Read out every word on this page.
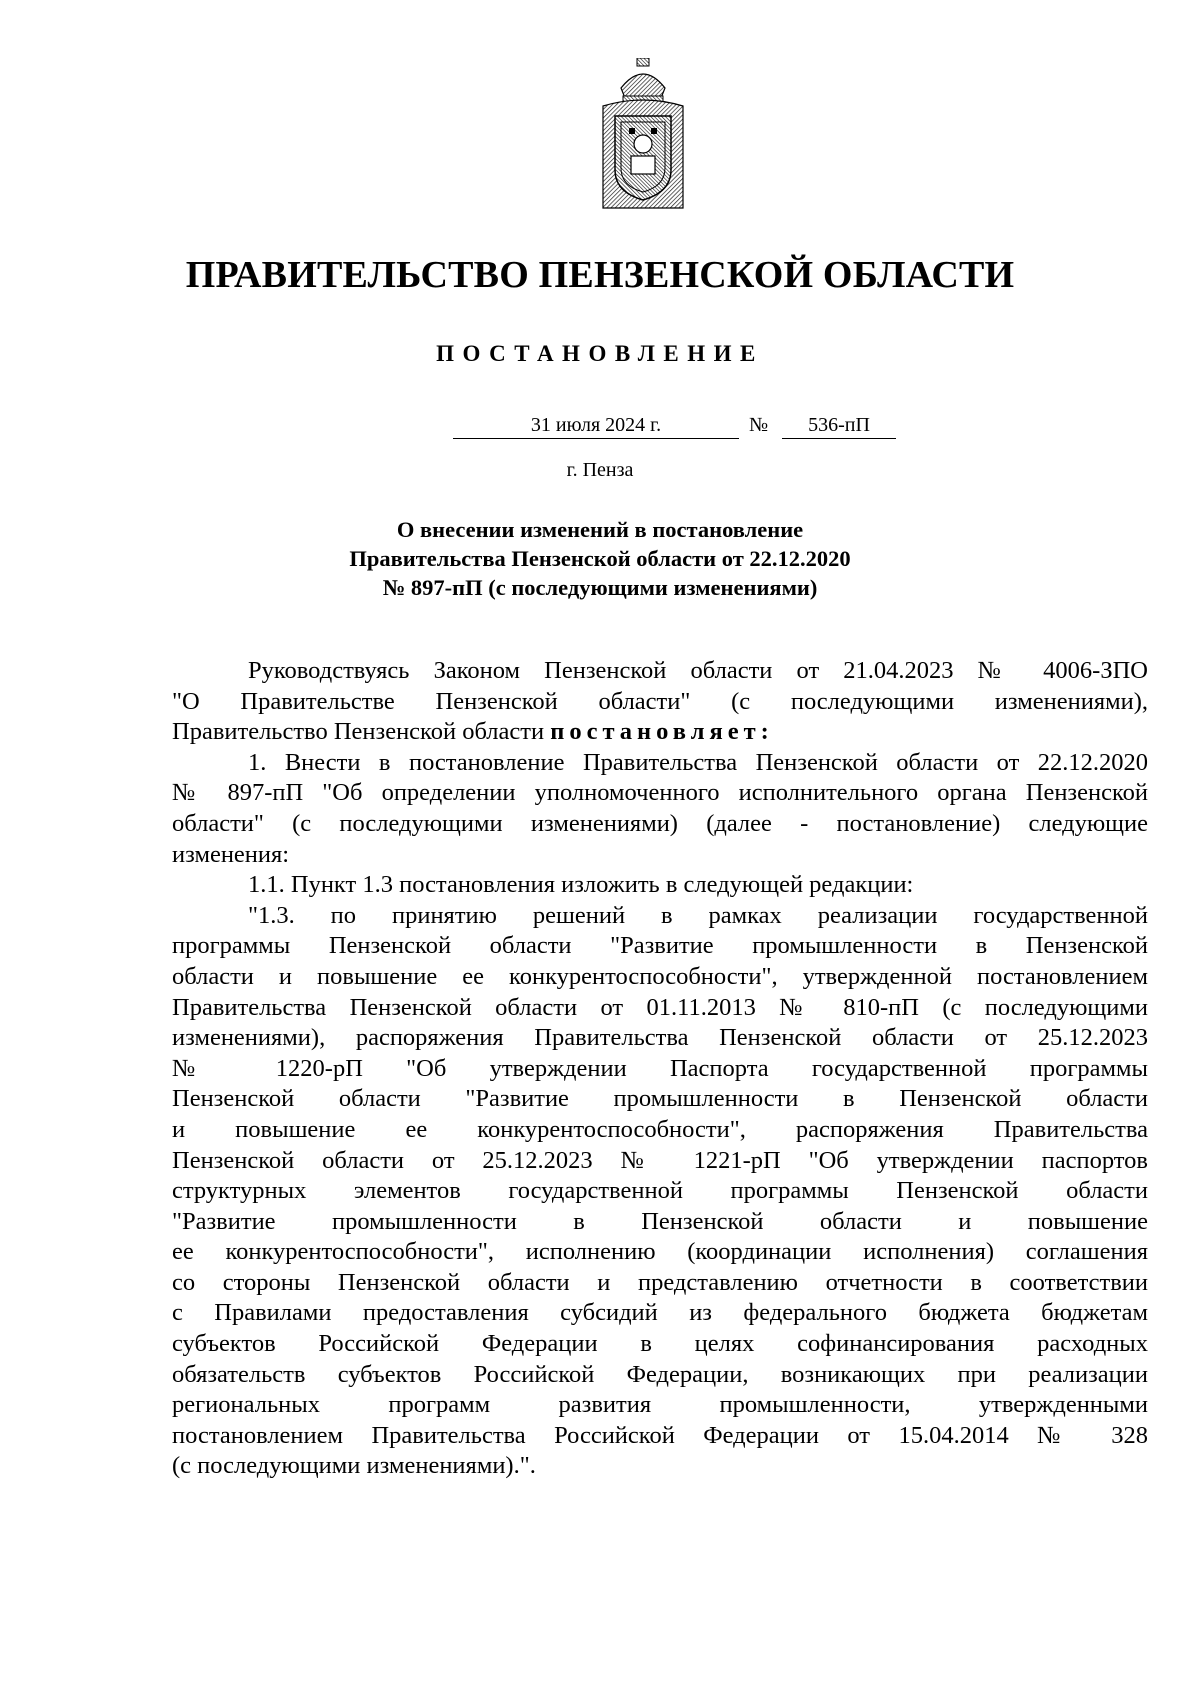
ПРАВИТЕЛЬСТВО ПЕНЗЕНСКОЙ ОБЛАСТИ
ПОСТАНОВЛЕНИЕ
31 июля 2024 г.	№	536-пП
г. Пенза
О внесении изменений в постановление
Правительства Пензенской области от 22.12.2020
№ 897-пП (с последующими изменениями)
Руководствуясь Законом Пензенской области от 21.04.2023 № 4006-ЗПО
"О Правительстве Пензенской области" (с последующими изменениями),
Правительство Пензенской области постановляет:
1. Внести в постановление Правительства Пензенской области от 22.12.2020
№ 897-пП "Об определении уполномоченного исполнительного органа Пензенской
области" (с последующими изменениями) (далее - постановление) следующие
изменения:
1.1. Пункт 1.3 постановления изложить в следующей редакции:
"1.3. по принятию решений в рамках реализации государственной
программы Пензенской области "Развитие промышленности в Пензенской
области и повышение ее конкурентоспособности", утвержденной постановлением
Правительства Пензенской области от 01.11.2013 № 810-пП (с последующими
изменениями), распоряжения Правительства Пензенской области от 25.12.2023
№ 1220-рП "Об утверждении Паспорта государственной программы
Пензенской области "Развитие промышленности в Пензенской области
и повышение ее конкурентоспособности", распоряжения Правительства
Пензенской области от 25.12.2023 № 1221-рП "Об утверждении паспортов
структурных элементов государственной программы Пензенской области
"Развитие промышленности в Пензенской области и повышение
ее конкурентоспособности", исполнению (координации исполнения) соглашения
со стороны Пензенской области и представлению отчетности в соответствии
с Правилами предоставления субсидий из федерального бюджета бюджетам
субъектов Российской Федерации в целях софинансирования расходных
обязательств субъектов Российской Федерации, возникающих при реализации
региональных программ развития промышленности, утвержденными
постановлением Правительства Российской Федерации от 15.04.2014 № 328
(с последующими изменениями).".
